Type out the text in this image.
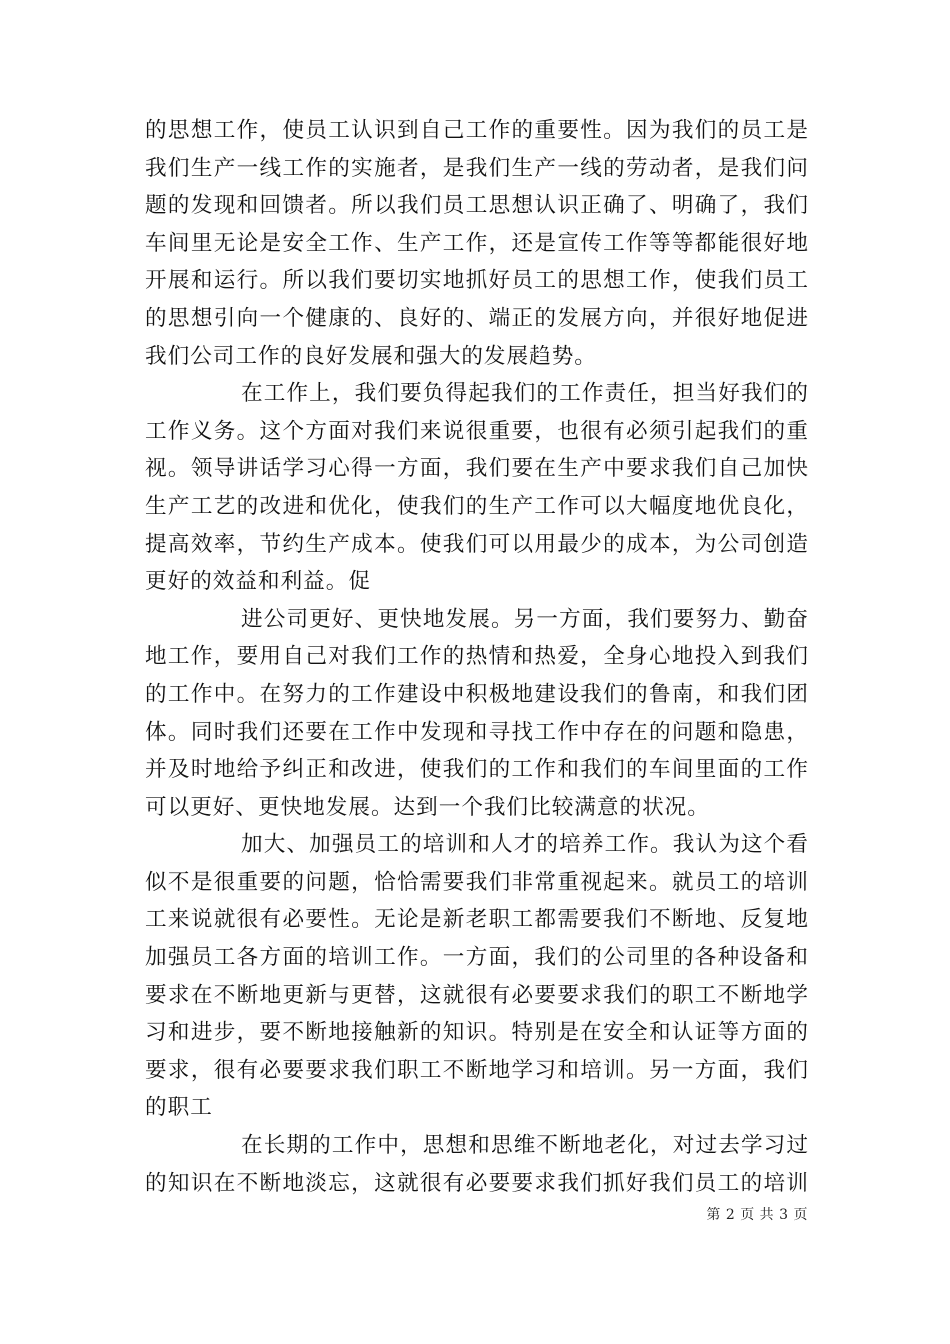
的思想工作，使员工认识到自己工作的重要性。因为我们的员工是
我们生产一线工作的实施者，是我们生产一线的劳动者，是我们问
题的发现和回馈者。所以我们员工思想认识正确了、明确了，我们
车间里无论是安全工作、生产工作，还是宣传工作等等都能很好地
开展和运行。所以我们要切实地抓好员工的思想工作，使我们员工
的思想引向一个健康的、良好的、端正的发展方向，并很好地促进
我们公司工作的良好发展和强大的发展趋势。
在工作上，我们要负得起我们的工作责任，担当好我们的
工作义务。这个方面对我们来说很重要，也很有必须引起我们的重
视。领导讲话学习心得一方面，我们要在生产中要求我们自己加快
生产工艺的改进和优化，使我们的生产工作可以大幅度地优良化，
提高效率，节约生产成本。使我们可以用最少的成本，为公司创造
更好的效益和利益。促
进公司更好、更快地发展。另一方面，我们要努力、勤奋
地工作，要用自己对我们工作的热情和热爱，全身心地投入到我们
的工作中。在努力的工作建设中积极地建设我们的鲁南，和我们团
体。同时我们还要在工作中发现和寻找工作中存在的问题和隐患，
并及时地给予纠正和改进，使我们的工作和我们的车间里面的工作
可以更好、更快地发展。达到一个我们比较满意的状况。
加大、加强员工的培训和人才的培养工作。我认为这个看
似不是很重要的问题，恰恰需要我们非常重视起来。就员工的培训
工来说就很有必要性。无论是新老职工都需要我们不断地、反复地
加强员工各方面的培训工作。一方面，我们的公司里的各种设备和
要求在不断地更新与更替，这就很有必要要求我们的职工不断地学
习和进步，要不断地接触新的知识。特别是在安全和认证等方面的
要求，很有必要要求我们职工不断地学习和培训。另一方面，我们
的职工
在长期的工作中，思想和思维不断地老化，对过去学习过
的知识在不断地淡忘，这就很有必要要求我们抓好我们员工的培训
第 2 页 共 3 页
